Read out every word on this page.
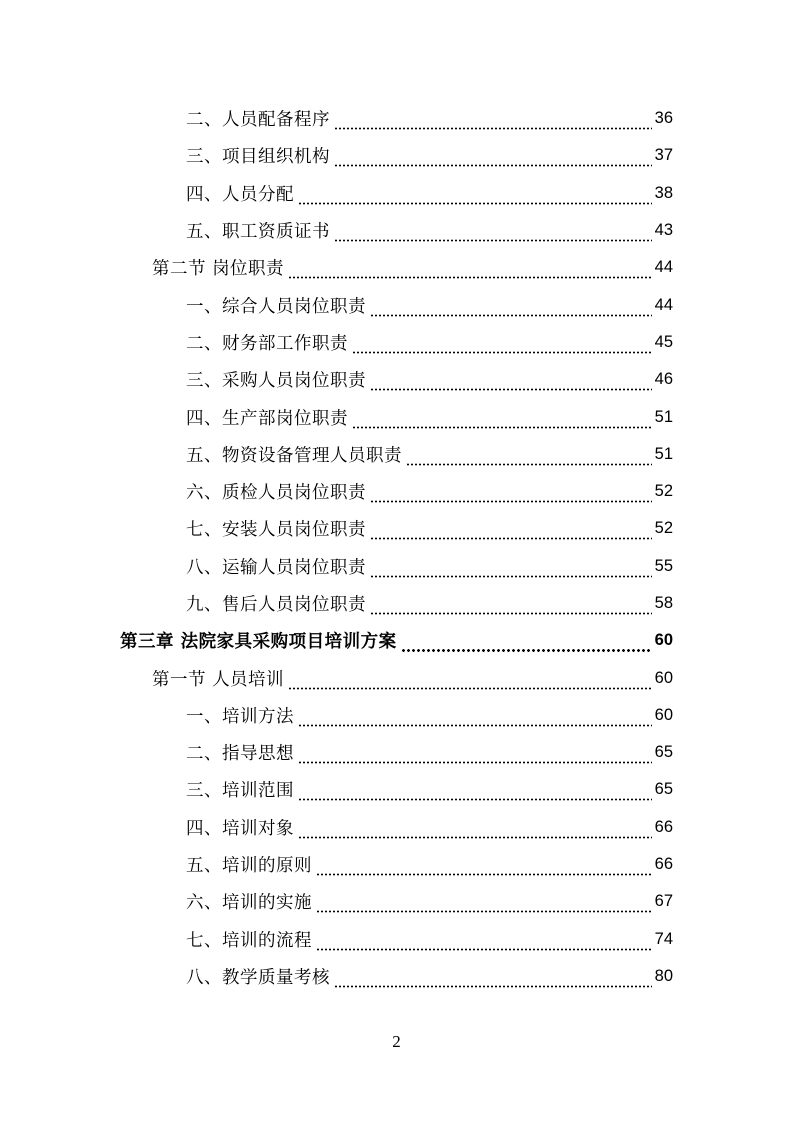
二、人员配备程序	36
三、项目组织机构	37
四、人员分配	38
五、职工资质证书	43
第二节 岗位职责	44
一、综合人员岗位职责	44
二、财务部工作职责	45
三、采购人员岗位职责	46
四、生产部岗位职责	51
五、物资设备管理人员职责	51
六、质检人员岗位职责	52
七、安装人员岗位职责	52
八、运输人员岗位职责	55
九、售后人员岗位职责	58
第三章 法院家具采购项目培训方案	60
第一节 人员培训	60
一、培训方法	60
二、指导思想	65
三、培训范围	65
四、培训对象	66
五、培训的原则	66
六、培训的实施	67
七、培训的流程	74
八、教学质量考核	80
2
